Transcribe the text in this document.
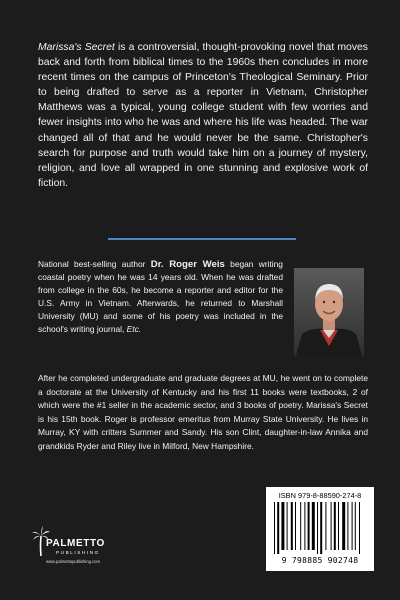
Marissa's Secret is a controversial, thought-provoking novel that moves back and forth from biblical times to the 1960s then concludes in more recent times on the campus of Princeton's Theological Seminary. Prior to being drafted to serve as a reporter in Vietnam, Christopher Matthews was a typical, young college student with few worries and fewer insights into who he was and where his life was headed. The war changed all of that and he would never be the same. Christopher's search for purpose and truth would take him on a journey of mystery, religion, and love all wrapped in one stunning and explosive work of fiction.

National best-selling author Dr. Roger Weis began writing coastal poetry when he was 14 years old. When he was drafted from college in the 60s, he become a reporter and editor for the U.S. Army in Vietnam. Afterwards, he returned to Marshall University (MU) and some of his poetry was included in the school's writing journal, Etc.

After he completed undergraduate and graduate degrees at MU, he went on to complete a doctorate at the University of Kentucky and his first 11 books were textbooks, 2 of which were the #1 seller in the academic sector, and 3 books of poetry. Marissa's Secret is his 15th book. Roger is professor emeritus from Murray State University. He lives in Murray, KY with critters Summer and Sandy. His son Clint, daughter-in-law Annika and grandkids Ryder and Riley live in Milford, New Hampshire.

PALMETTO
PUBLISHING
www.palmettopublishing.com
ISBN 979-8-88590-274-8
9 798885 902748
